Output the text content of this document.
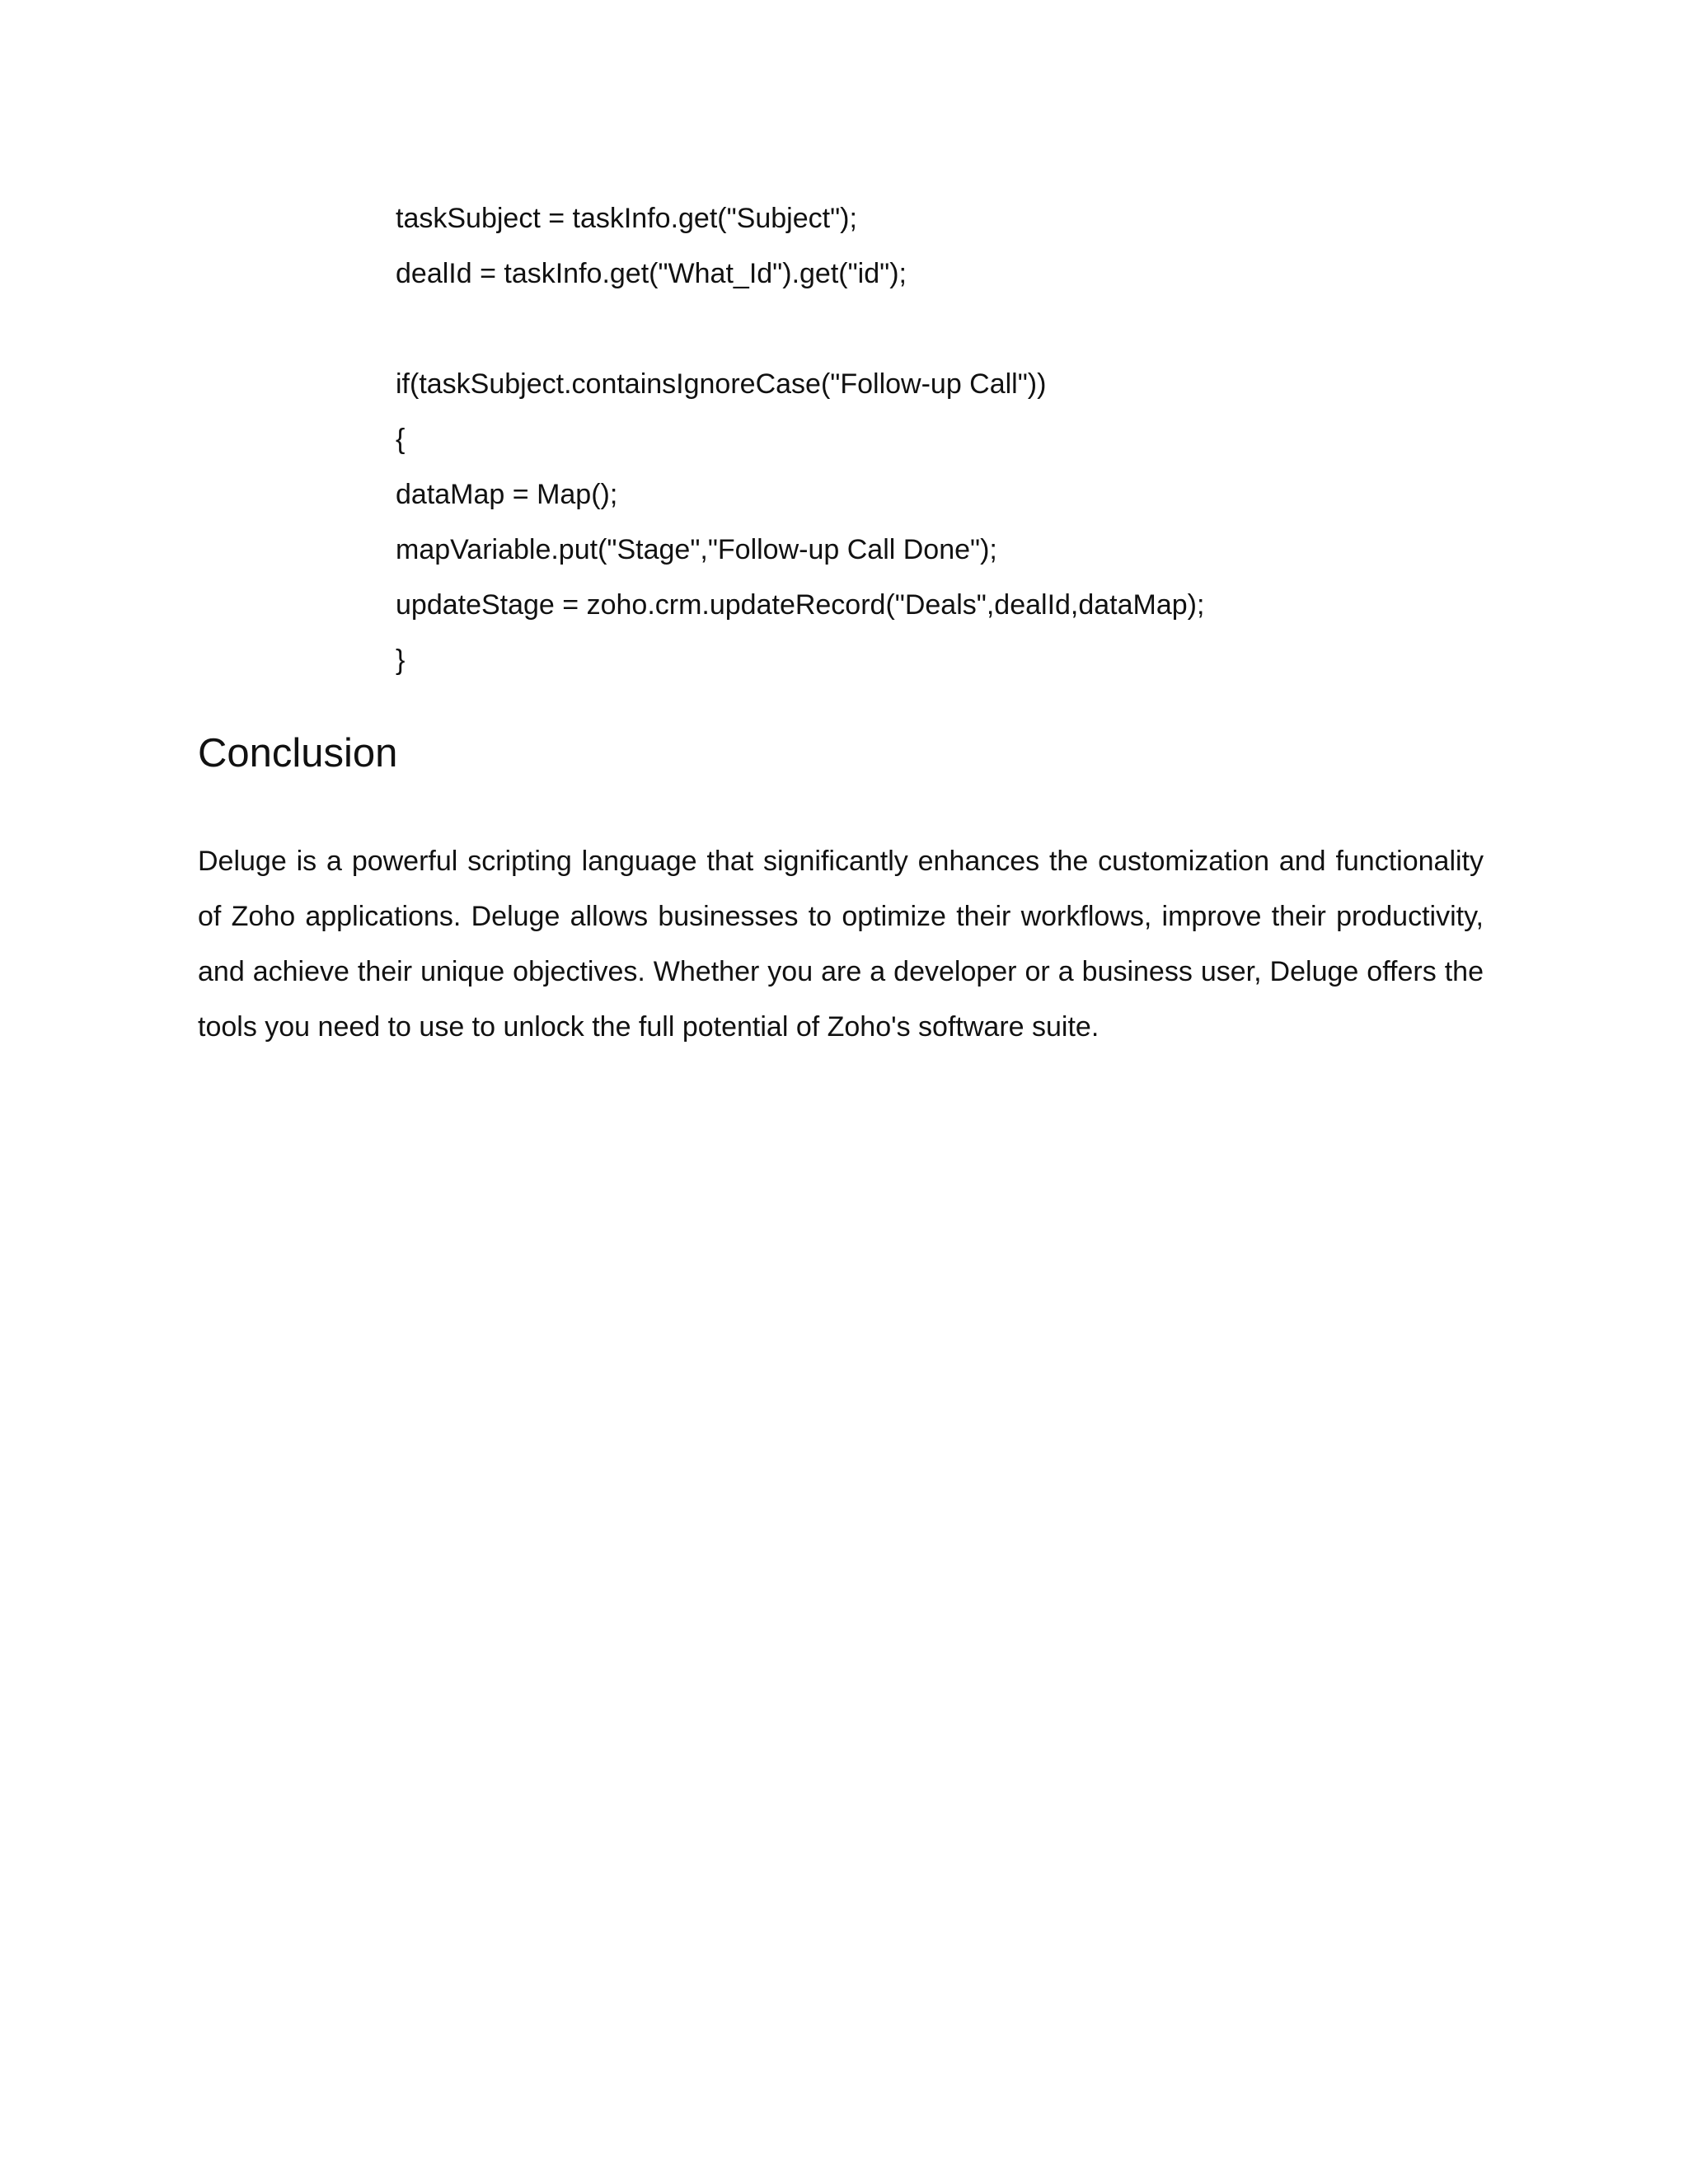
taskSubject = taskInfo.get("Subject");
dealId = taskInfo.get("What_Id").get("id");
if(taskSubject.containsIgnoreCase("Follow-up Call"))
{
dataMap = Map();
mapVariable.put("Stage","Follow-up Call Done");
updateStage = zoho.crm.updateRecord("Deals",dealId,dataMap);
}
Conclusion

Deluge is a powerful scripting language that significantly enhances the customization and functionality of Zoho applications. Deluge allows businesses to optimize their workflows, improve their productivity, and achieve their unique objectives. Whether you are a developer or a business user, Deluge offers the tools you need to use to unlock the full potential of Zoho's software suite.
